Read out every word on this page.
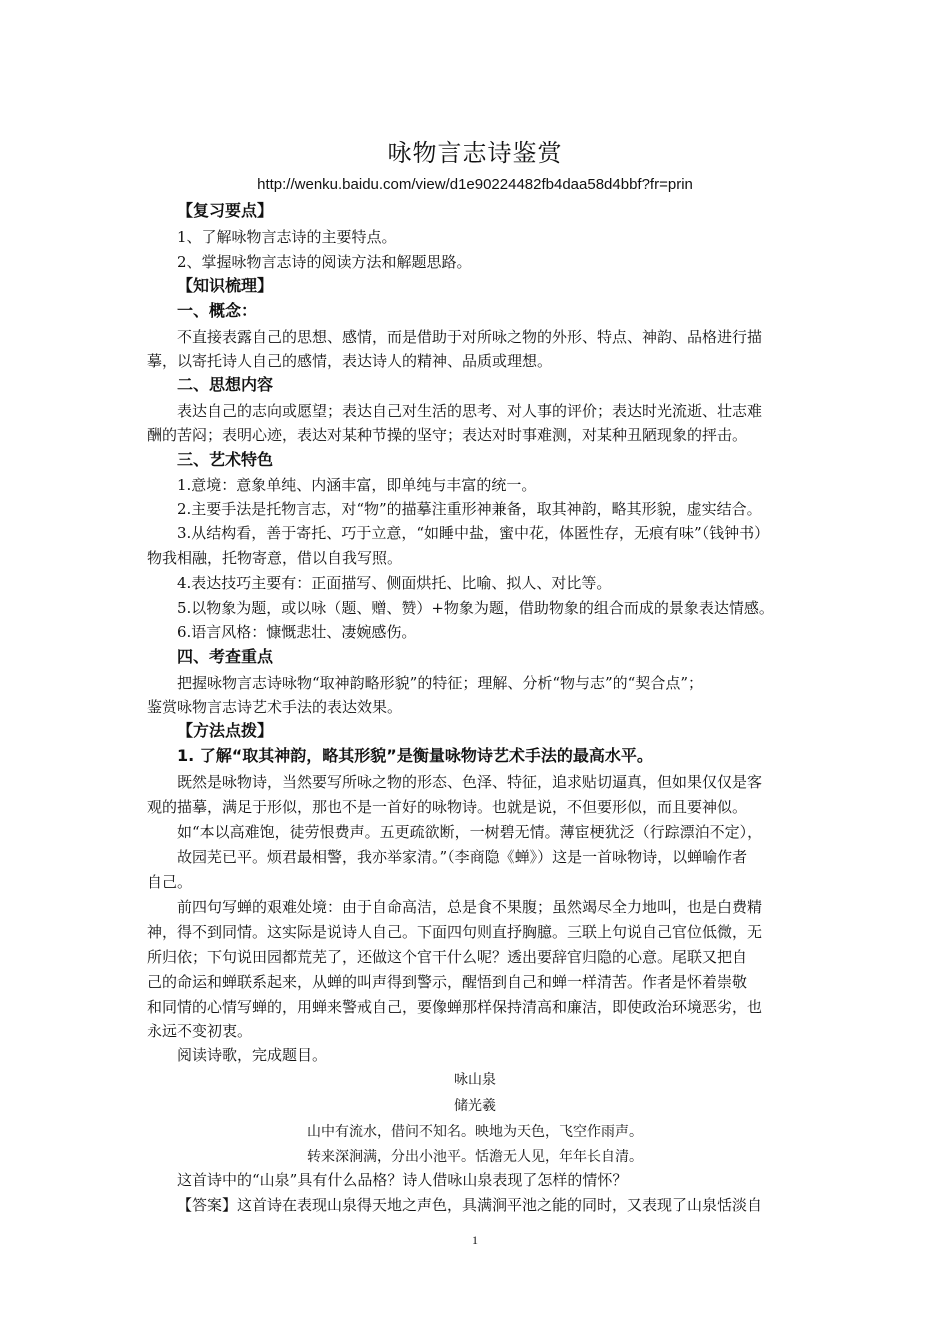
咏物言志诗鉴赏
http://wenku.baidu.com/view/d1e90224482fb4daa58d4bbf?fr=prin
【复习要点】
1、了解咏物言志诗的主要特点。
2、掌握咏物言志诗的阅读方法和解题思路。
【知识梳理】
一、概念：
不直接表露自己的思想、感情，而是借助于对所咏之物的外形、特点、神韵、品格进行描
摹，以寄托诗人自己的感情，表达诗人的精神、品质或理想。
二、思想内容
表达自己的志向或愿望；表达自己对生活的思考、对人事的评价；表达时光流逝、壮志难
酬的苦闷；表明心迹，表达对某种节操的坚守；表达对时事难测，对某种丑陋现象的抨击。
三、艺术特色
1.意境：意象单纯、内涵丰富，即单纯与丰富的统一。
2.主要手法是托物言志，对“物”的描摹注重形神兼备，取其神韵，略其形貌，虚实结合。
3.从结构看，善于寄托、巧于立意，“如睡中盐，蜜中花，体匿性存，无痕有味”（钱钟书）
物我相融，托物寄意，借以自我写照。
4.表达技巧主要有：正面描写、侧面烘托、比喻、拟人、对比等。
5.以物象为题，或以咏（题、赠、赞）+物象为题，借助物象的组合而成的景象表达情感。
6.语言风格：慷慨悲壮、凄婉感伤。
四、考查重点
把握咏物言志诗咏物“取神韵略形貌”的特征；理解、分析“物与志”的“契合点”；
鉴赏咏物言志诗艺术手法的表达效果。
【方法点拨】
1. 了解“取其神韵，略其形貌”是衡量咏物诗艺术手法的最高水平。
既然是咏物诗，当然要写所咏之物的形态、色泽、特征，追求贴切逼真，但如果仅仅是客
观的描摹，满足于形似，那也不是一首好的咏物诗。也就是说，不但要形似，而且要神似。
如“本以高难饱，徒劳恨费声。五更疏欲断，一树碧无情。薄宦梗犹泛（行踪漂泊不定），
故园芜已平。烦君最相警，我亦举家清。”（李商隐《蝉》）这是一首咏物诗，以蝉喻作者
自己。
前四句写蝉的艰难处境：由于自命高洁，总是食不果腹；虽然竭尽全力地叫，也是白费精
神，得不到同情。这实际是说诗人自己。下面四句则直抒胸臆。三联上句说自己官位低微，无
所归依；下句说田园都荒芜了，还做这个官干什么呢？透出要辞官归隐的心意。尾联又把自
己的命运和蝉联系起来，从蝉的叫声得到警示，醒悟到自己和蝉一样清苦。作者是怀着崇敬
和同情的心情写蝉的，用蝉来警戒自己，要像蝉那样保持清高和廉洁，即使政治环境恶劣，也
永远不变初衷。
阅读诗歌，完成题目。
咏山泉
储光羲
山中有流水，借问不知名。映地为天色，飞空作雨声。
转来深涧满，分出小池平。恬澹无人见，年年长自清。
这首诗中的“山泉”具有什么品格？诗人借咏山泉表现了怎样的情怀？
【答案】这首诗在表现山泉得天地之声色，具满涧平池之能的同时，又表现了山泉恬淡自
1
